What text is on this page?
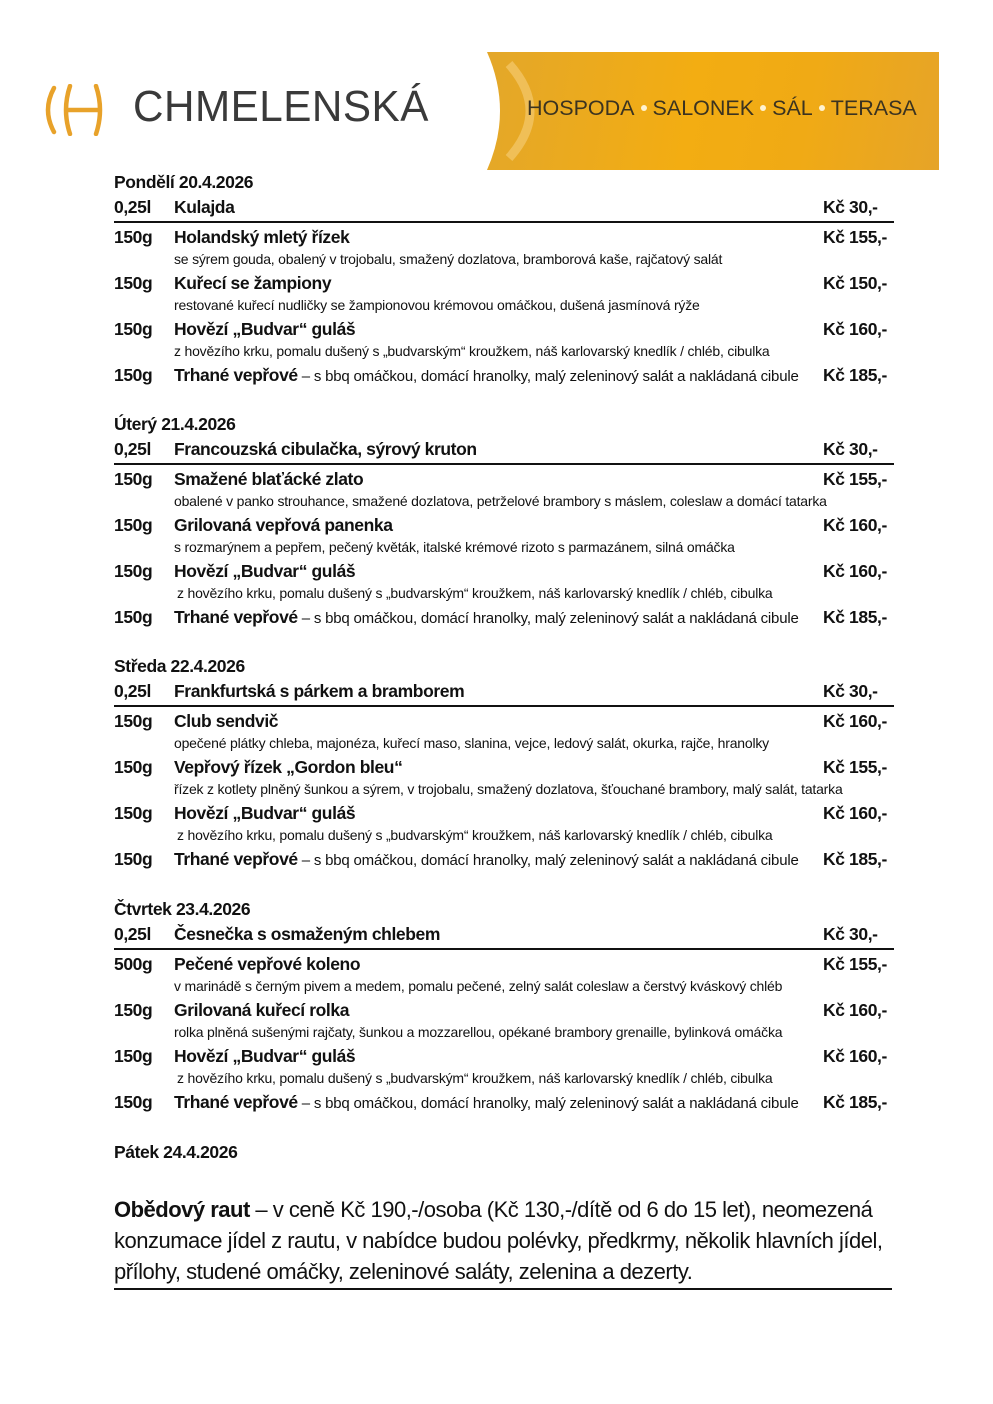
CHMELENSKÁ	HOSPODA SALONEK SÁL TERASA
Pondělí 20.4.2026
0,25l Kulajda	Kč 30,-
150g Holandský mletý řízek	Kč 155,-
se sýrem gouda, obalený v trojobalu, smažený dozlatova, bramborová kaše, rajčatový salát
150g Kuřecí se žampiony	Kč 150,-
restované kuřecí nudličky se žampionovou krémovou omáčkou, dušená jasmínová rýže
150g Hovězí „Budvar“ guláš	Kč 160,-
z hovězího krku, pomalu dušený s „budvarským“ kroužkem, náš karlovarský knedlík / chléb, cibulka
150g Trhané vepřové – s bbq omáčkou, domácí hranolky, malý zeleninový salát a nakládaná cibule Kč 185,-
Úterý 21.4.2026
0,25l Francouzská cibulačka, sýrový kruton	Kč 30,-
150g Smažené blaťácké zlato	Kč 155,-
obalené v panko strouhance, smažené dozlatova, petrželové brambory s máslem, coleslaw a domácí tatarka
150g Grilovaná vepřová panenka	Kč 160,-
s rozmarýnem a pepřem, pečený květák, italské krémové rizoto s parmazánem, silná omáčka
150g Hovězí „Budvar“ guláš	Kč 160,-
z hovězího krku, pomalu dušený s „budvarským“ kroužkem, náš karlovarský knedlík / chléb, cibulka
150g Trhané vepřové – s bbq omáčkou, domácí hranolky, malý zeleninový salát a nakládaná cibule Kč 185,-
Středa 22.4.2026
0,25l Frankfurtská s párkem a bramborem	Kč 30,-
150g Club sendvič	Kč 160,-
opečené plátky chleba, majonéza, kuřecí maso, slanina, vejce, ledový salát, okurka, rajče, hranolky
150g Vepřový řízek „Gordon bleu“	Kč 155,-
řízek z kotlety plněný šunkou a sýrem, v trojobalu, smažený dozlatova, šťouchané brambory, malý salát, tatarka
150g Hovězí „Budvar“ guláš	Kč 160,-
z hovězího krku, pomalu dušený s „budvarským“ kroužkem, náš karlovarský knedlík / chléb, cibulka
150g Trhané vepřové – s bbq omáčkou, domácí hranolky, malý zeleninový salát a nakládaná cibule Kč 185,-
Čtvrtek 23.4.2026
0,25l Česnečka s osmaženým chlebem	Kč 30,-
500g Pečené vepřové koleno	Kč 155,-
v marinádě s černým pivem a medem, pomalu pečené, zelný salát coleslaw a čerstvý kváskový chléb
150g Grilovaná kuřecí rolka	Kč 160,-
rolka plněná sušenými rajčaty, šunkou a mozzarellou, opékané brambory grenaille, bylinková omáčka
150g Hovězí „Budvar“ guláš	Kč 160,-
z hovězího krku, pomalu dušený s „budvarským“ kroužkem, náš karlovarský knedlík / chléb, cibulka
150g Trhané vepřové – s bbq omáčkou, domácí hranolky, malý zeleninový salát a nakládaná cibule Kč 185,-
Pátek 24.4.2026
Obědový raut – v ceně Kč 190,-/osoba (Kč 130,-/dítě od 6 do 15 let), neomezená konzumace jídel z rautu, v nabídce budou polévky, předkrmy, několik hlavních jídel, přílohy, studené omáčky, zeleninové saláty, zelenina a dezerty.
